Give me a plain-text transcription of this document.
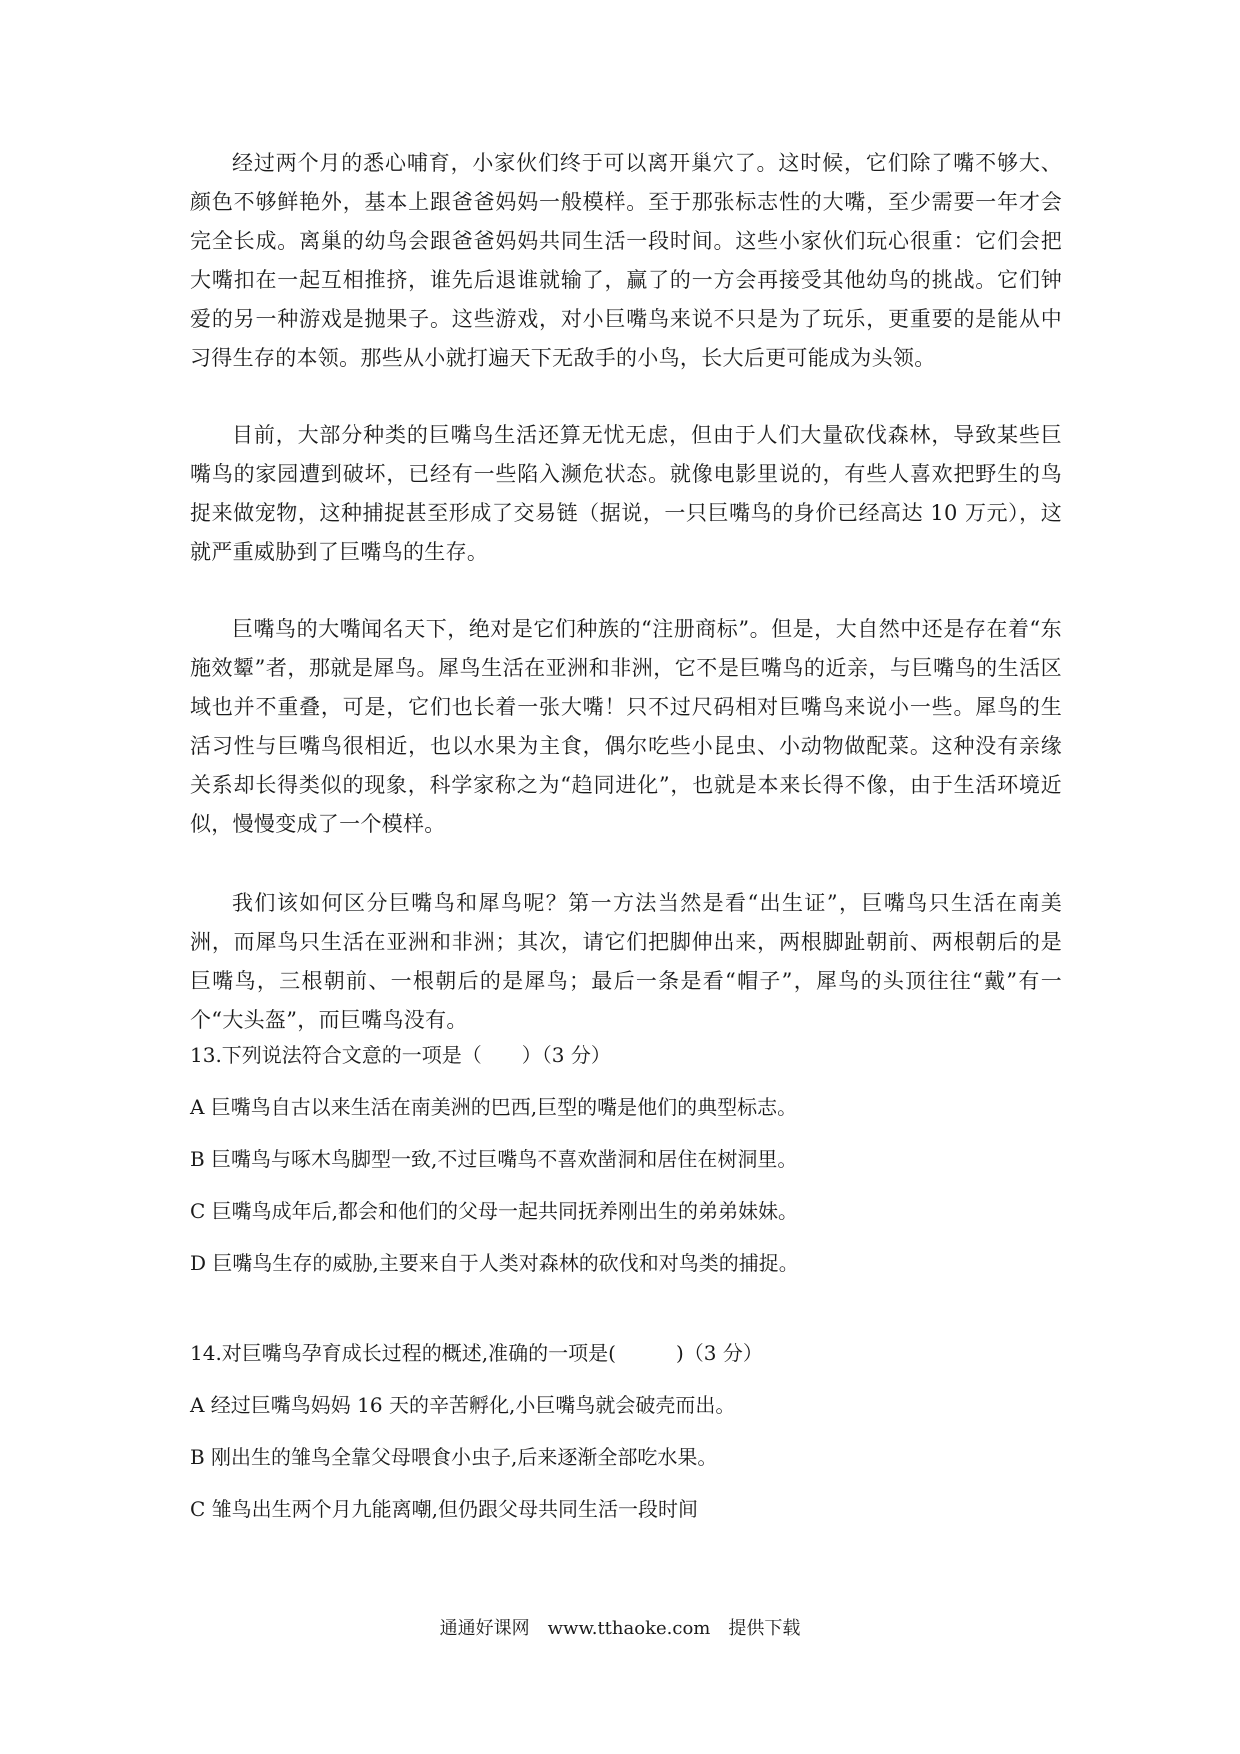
经过两个月的悉心哺育，小家伙们终于可以离开巢穴了。这时候，它们除了嘴不够大、颜色不够鲜艳外，基本上跟爸爸妈妈一般模样。至于那张标志性的大嘴，至少需要一年才会完全长成。离巢的幼鸟会跟爸爸妈妈共同生活一段时间。这些小家伙们玩心很重：它们会把大嘴扣在一起互相推挤，谁先后退谁就输了，赢了的一方会再接受其他幼鸟的挑战。它们钟爱的另一种游戏是抛果子。这些游戏，对小巨嘴鸟来说不只是为了玩乐，更重要的是能从中习得生存的本领。那些从小就打遍天下无敌手的小鸟，长大后更可能成为头领。

目前，大部分种类的巨嘴鸟生活还算无忧无虑，但由于人们大量砍伐森林，导致某些巨嘴鸟的家园遭到破坏，已经有一些陷入濒危状态。就像电影里说的，有些人喜欢把野生的鸟捉来做宠物，这种捕捉甚至形成了交易链（据说，一只巨嘴鸟的身价已经高达 10 万元），这就严重威胁到了巨嘴鸟的生存。

巨嘴鸟的大嘴闻名天下，绝对是它们种族的“注册商标”。但是，大自然中还是存在着“东施效颦”者，那就是犀鸟。犀鸟生活在亚洲和非洲，它不是巨嘴鸟的近亲，与巨嘴鸟的生活区域也并不重叠，可是，它们也长着一张大嘴！只不过尺码相对巨嘴鸟来说小一些。犀鸟的生活习性与巨嘴鸟很相近，也以水果为主食，偶尔吃些小昆虫、小动物做配菜。这种没有亲缘关系却长得类似的现象，科学家称之为“趋同进化”，也就是本来长得不像，由于生活环境近似，慢慢变成了一个模样。

我们该如何区分巨嘴鸟和犀鸟呢？第一方法当然是看“出生证”，巨嘴鸟只生活在南美洲，而犀鸟只生活在亚洲和非洲；其次，请它们把脚伸出来，两根脚趾朝前、两根朝后的是巨嘴鸟，三根朝前、一根朝后的是犀鸟；最后一条是看“帽子”，犀鸟的头顶往往“戴”有一个“大头盔”，而巨嘴鸟没有。

13.下列说法符合文意的一项是（　　）（3 分）
A 巨嘴鸟自古以来生活在南美洲的巴西,巨型的嘴是他们的典型标志。
B 巨嘴鸟与啄木鸟脚型一致,不过巨嘴鸟不喜欢凿洞和居住在树洞里。
C 巨嘴鸟成年后,都会和他们的父母一起共同抚养刚出生的弟弟妹妹。
D 巨嘴鸟生存的威胁,主要来自于人类对森林的砍伐和对鸟类的捕捉。
14.对巨嘴鸟孕育成长过程的概述,准确的一项是(　　　)（3 分）
A 经过巨嘴鸟妈妈 16 天的辛苦孵化,小巨嘴鸟就会破壳而出。
B 刚出生的雏鸟全靠父母喂食小虫子,后来逐渐全部吃水果。
C 雏鸟出生两个月九能离嘲,但仍跟父母共同生活一段时间
通通好课网　www.tthaoke.com　提供下载
